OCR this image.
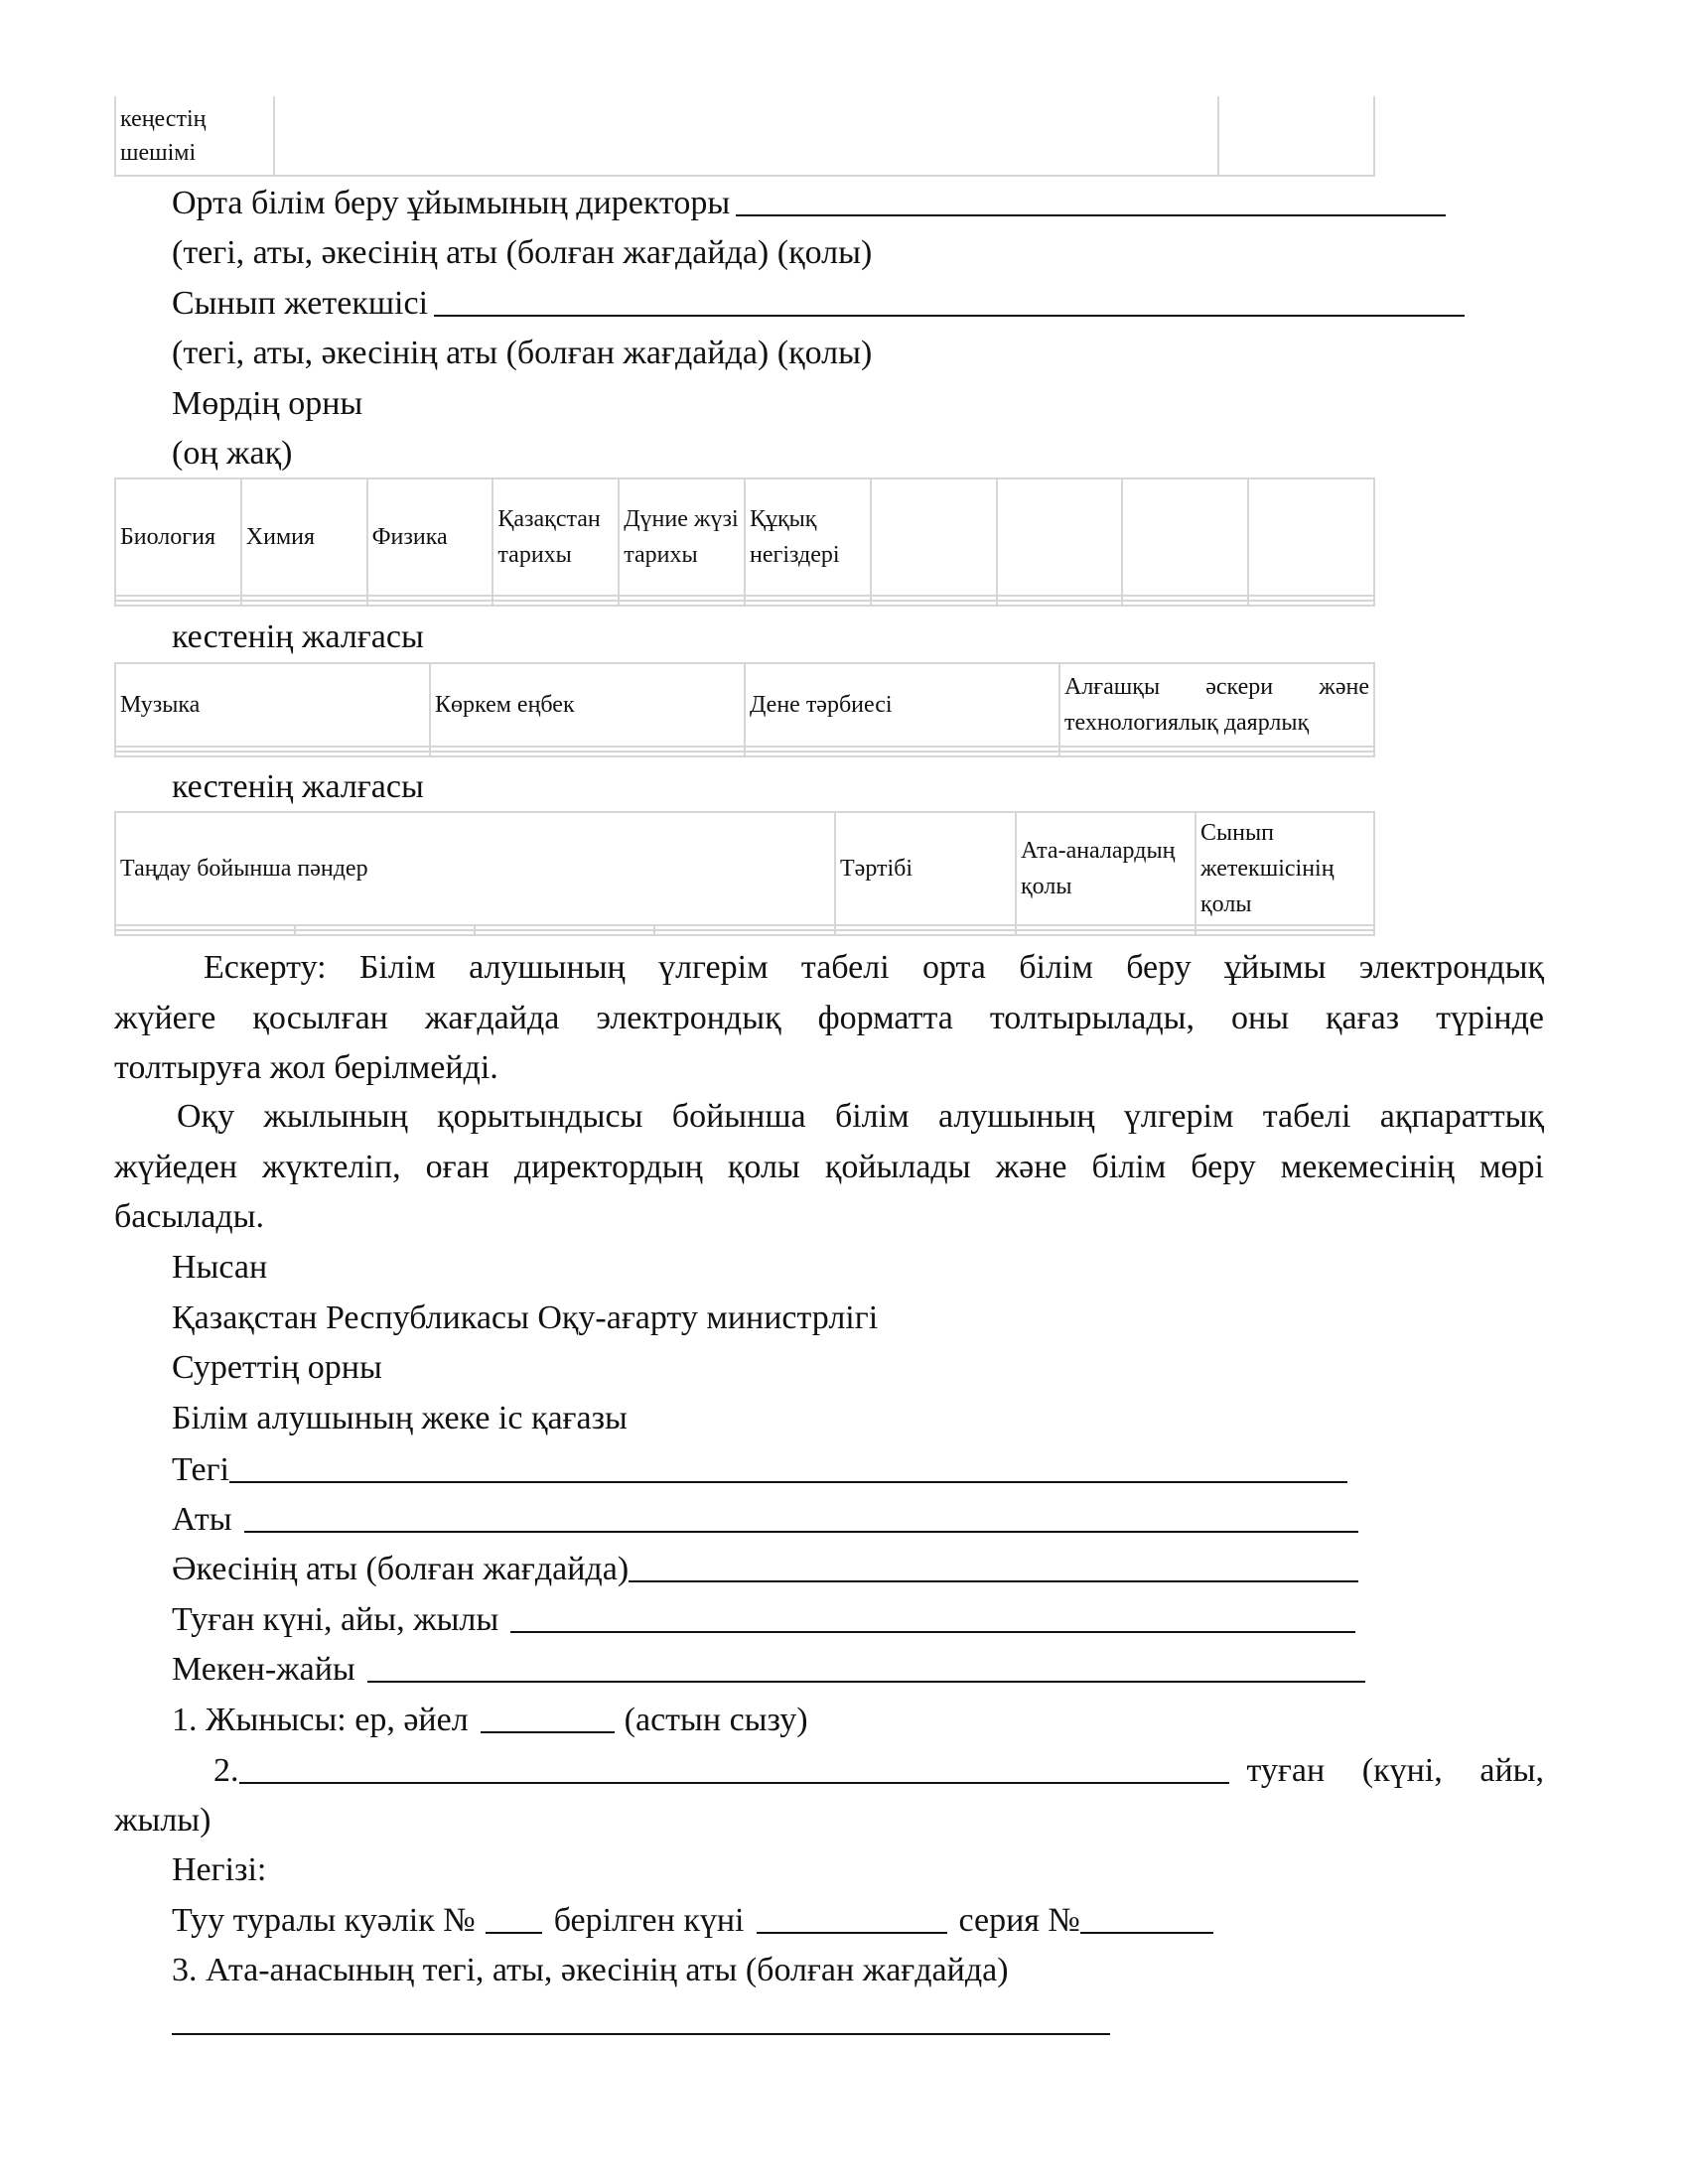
кеңестің шешімі		
Орта білім беру ұйымының директоры
(тегі, аты, әкесінің аты (болған жағдайда) (қолы)
Сынып жетекшісі
(тегі, аты, әкесінің аты (болған жағдайда) (қолы)
Мөрдің орны
(оң жақ)
Биология	Химия	Физика	Қазақстан тарихы	Дүние жүзі тарихы	Құқық негіздері				

кестенің жалғасы
Музыка	Көркем еңбек	Дене тәрбиесі	Алғашқы әскери және технологиялық даярлық

кестенің жалғасы
Таңдау бойынша пәндер				Тәртібі	Ата-аналардың қолы	Сынып жетекшісінің қолы

Ескерту: Білім алушының үлгерім табелі орта білім беру ұйымы электрондық
жүйеге қосылған жағдайда электрондық форматта толтырылады, оны қағаз түрінде
толтыруға жол берілмейді.
Оқу жылының қорытындысы бойынша білім алушының үлгерім табелі ақпараттық
жүйеден жүктеліп, оған директордың қолы қойылады және білім беру мекемесінің мөрі
басылады.
Нысан
Қазақстан Республикасы Оқу-ағарту министрлігі
Суреттің орны
Білім алушының жеке іс қағазы
Тегі
Аты
Әкесінің аты (болған жағдайда)
Туған күні, айы, жылы
Мекен-жайы
1. Жынысы: ер, әйел	(астын сызу)
2.	туған (күні, айы,
жылы)
Негізі:
Туу туралы куәлік № берілген күні	серия №
3. Ата-анасының тегі, аты, әкесінің аты (болған жағдайда)
